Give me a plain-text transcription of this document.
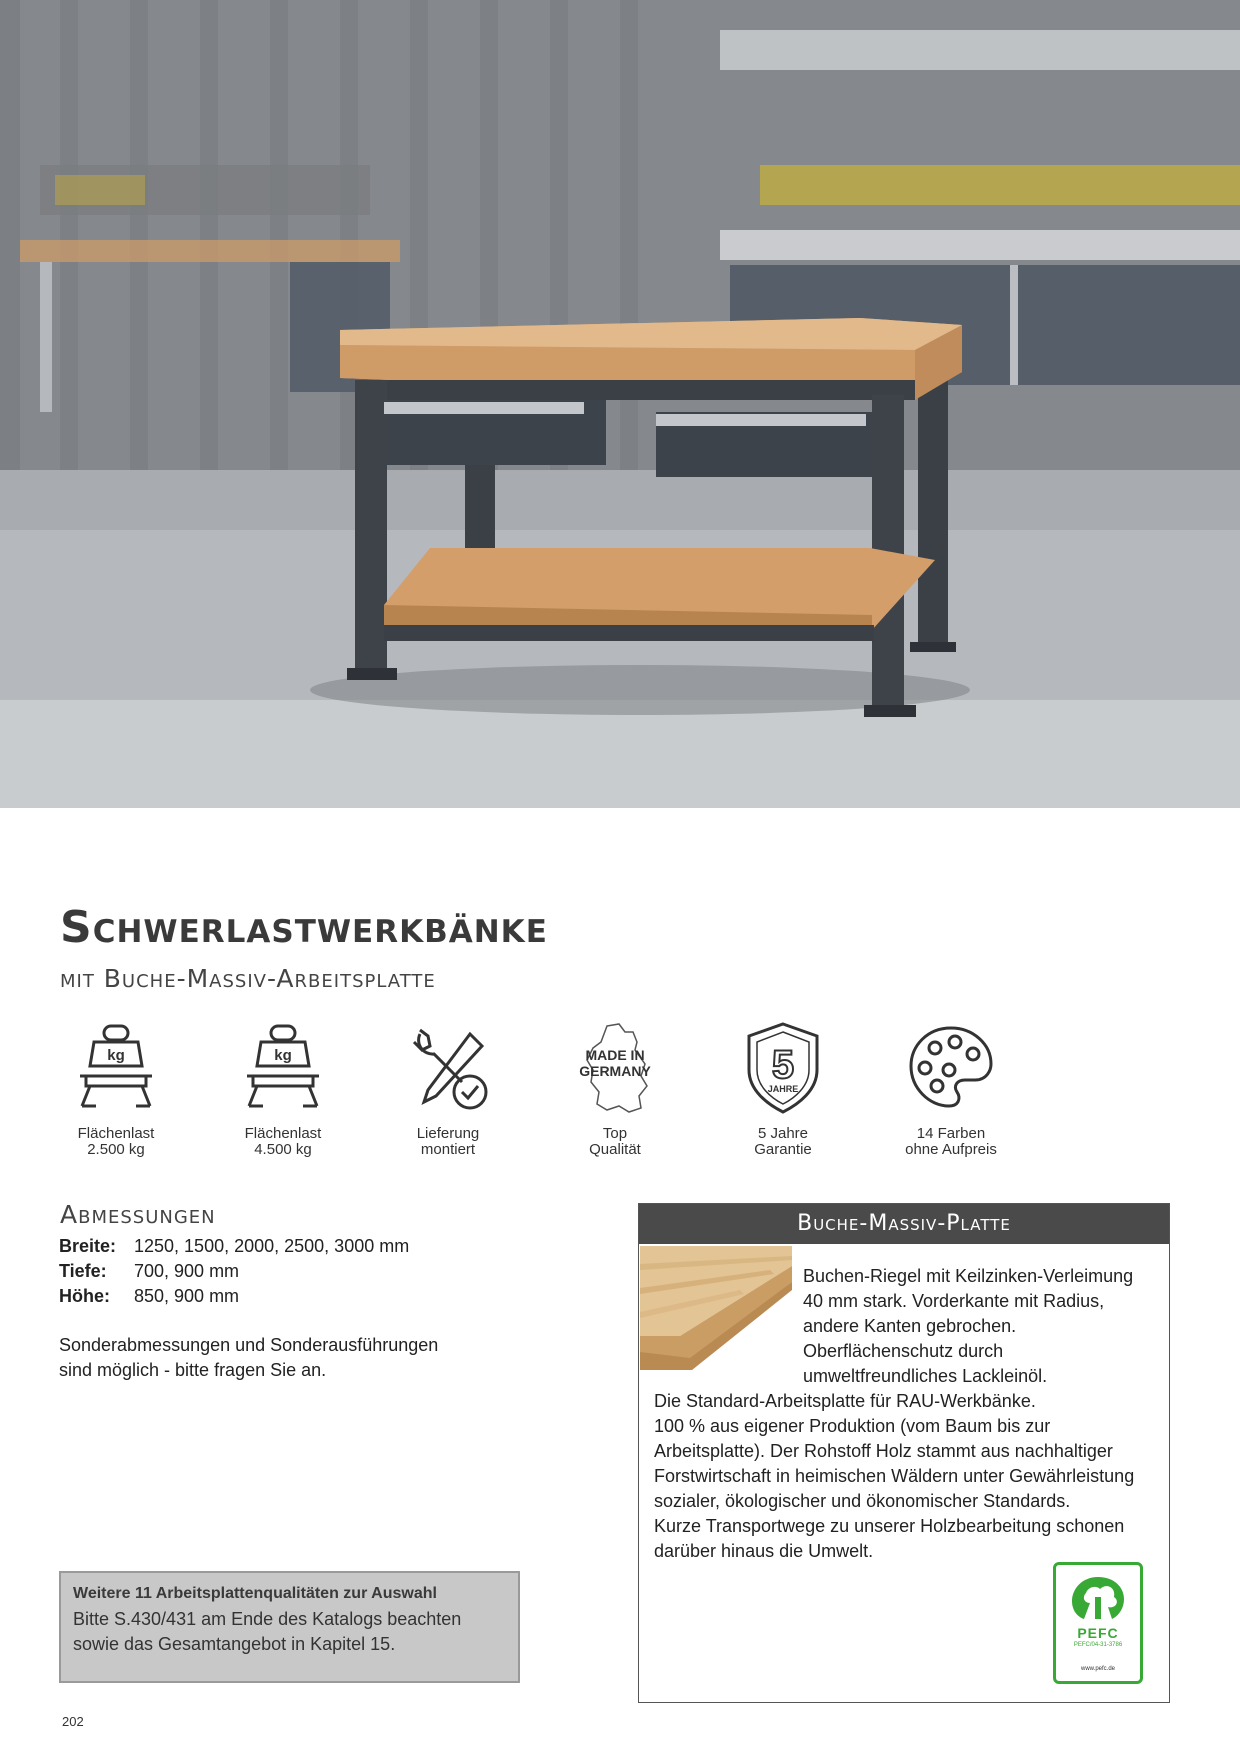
Schwerlastwerkbänke
mit Buche-Massiv-Arbeitsplatte
kg
Flächenlast
2.500 kg
kg
Flächenlast
4.500 kg
Lieferung
montiert
MADE IN
GERMANY
Top
Qualität
5
JAHRE
5 Jahre
Garantie
14 Farben
ohne Aufpreis
Abmessungen
Breite: 1250, 1500, 2000, 2500, 3000 mm
Tiefe:	700, 900 mm
Höhe:	850, 900 mm
Sonderabmessungen und Sonderausführungen
sind möglich - bitte fragen Sie an.
Weitere 11 Arbeitsplattenqualitäten zur Auswahl
Bitte S.430/431 am Ende des Katalogs beachten
sowie das Gesamtangebot in Kapitel 15.
Buche-Massiv-Platte
Buchen-Riegel mit Keilzinken-Verleimung
40 mm stark. Vorderkante mit Radius,
andere Kanten gebrochen.
Oberflächenschutz durch
umweltfreundliches Lackleinöl.
Die Standard-Arbeitsplatte für RAU-Werkbänke.
100 % aus eigener Produktion (vom Baum bis zur
Arbeitsplatte). Der Rohstoff Holz stammt aus nachhaltiger
Forstwirtschaft in heimischen Wäldern unter Gewährleistung
sozialer, ökologischer und ökonomischer Standards.
Kurze Transportwege zu unserer Holzbearbeitung schonen
darüber hinaus die Umwelt.
PEFC
PEFC/04-31-3786
www.pefc.de
202
